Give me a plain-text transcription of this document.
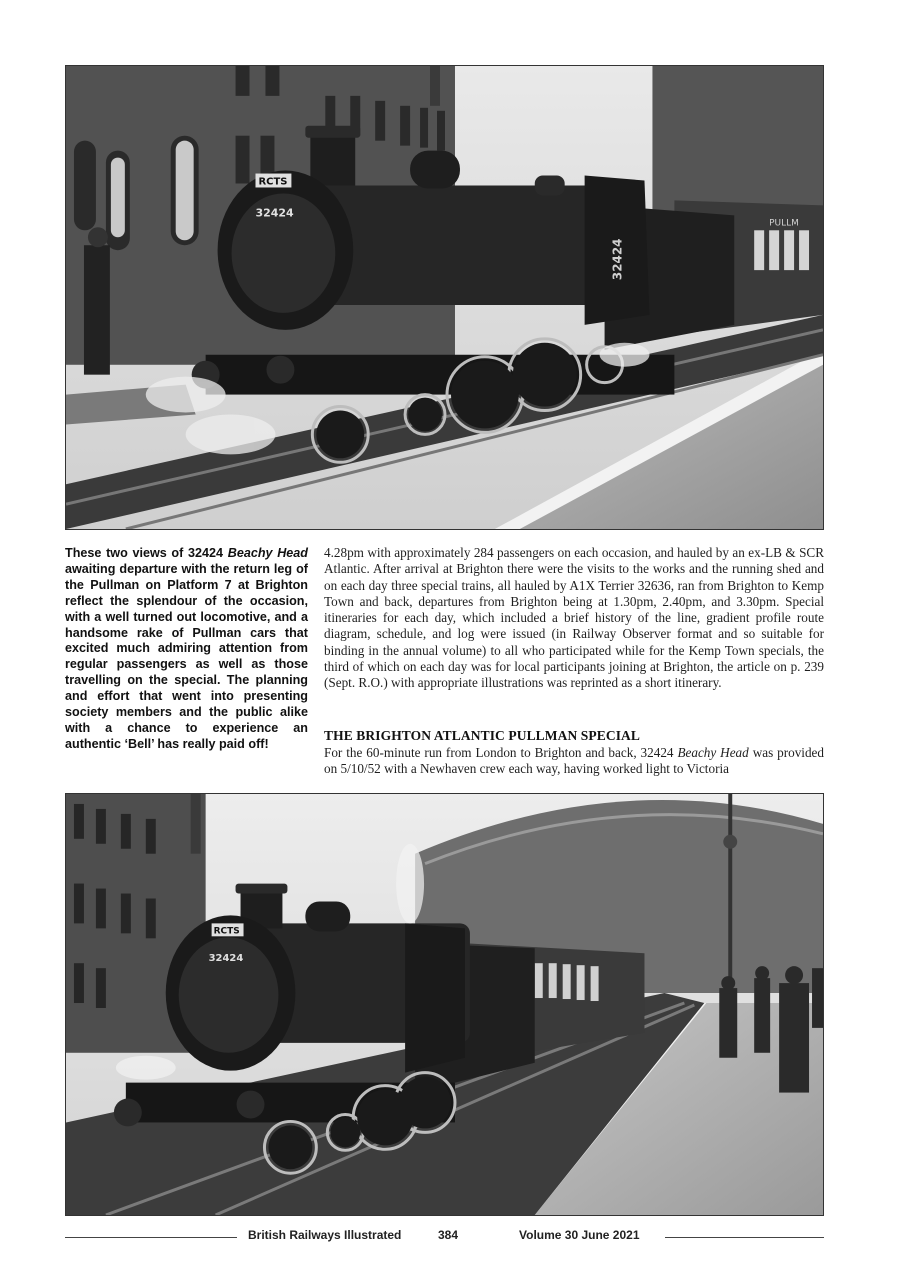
PULLM
32424
RCTS
32424
These two views of 32424 Beachy Head awaiting departure with the return leg of the Pullman on Platform 7 at Brighton reflect the splendour of the occasion, with a well turned out locomotive, and a handsome rake of Pullman cars that excited much admiring attention from regular passengers as well as those travelling on the special. The planning and effort that went into presenting society members and the public alike with a chance to experience an authentic ‘Bell’ has really paid off!
4.28pm with approximately 284 passengers on each occasion, and hauled by an ex-LB & SCR Atlantic. After arrival at Brighton there were the visits to the works and the running shed and on each day three special trains, all hauled by A1X Terrier 32636, ran from Brighton to Kemp Town and back, departures from Brighton being at 1.30pm, 2.40pm, and 3.30pm. Special itineraries for each day, which included a brief history of the line, gradient profile route diagram, schedule, and log were issued (in Railway Observer format and so suitable for binding in the annual volume) to all who participated while for the Kemp Town specials, the third of which on each day was for local participants joining at Brighton, the article on p. 239 (Sept. R.O.) with appropriate illustrations was reprinted as a short itinerary.
THE BRIGHTON ATLANTIC PULLMAN SPECIAL
For the 60-minute run from London to Brighton and back, 32424 Beachy Head was provided on 5/10/52 with a Newhaven crew each way, having worked light to Victoria
RCTS
32424
British Railways Illustrated	384	Volume 30 June 2021
